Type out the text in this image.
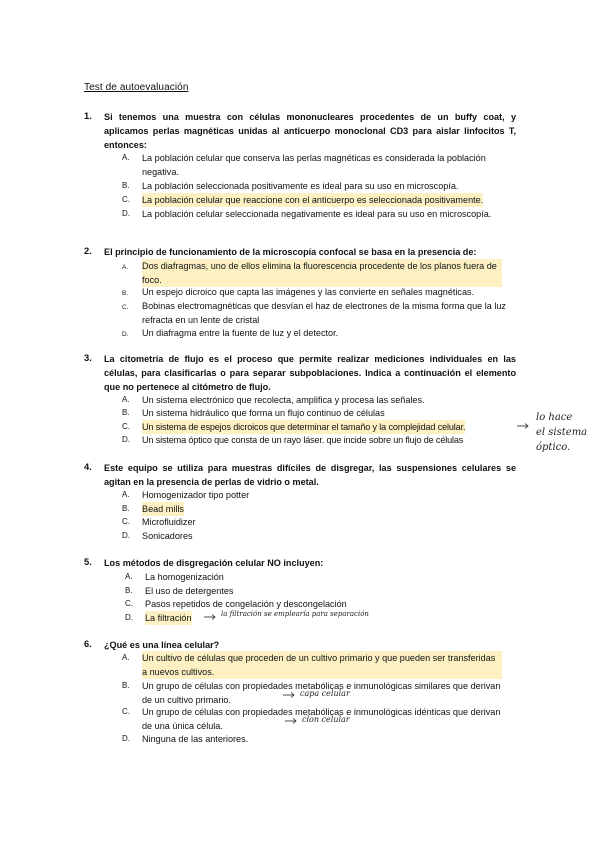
Test de autoevaluación
1. Si tenemos una muestra con células mononucleares procedentes de un buffy coat, y aplicamos perlas magnéticas unidas al anticuerpo monoclonal CD3 para aislar linfocitos T, entonces:
A. La población celular que conserva las perlas magnéticas es considerada la población negativa.
B. La población seleccionada positivamente es ideal para su uso en microscopía.
C. La población celular que reaccione con el anticuerpo es seleccionada positivamente.
D. La población celular seleccionada negativamente es ideal para su uso en microscopía.
2. El principio de funcionamiento de la microscopía confocal se basa en la presencia de:
A. Dos diafragmas, uno de ellos elimina la fluorescencia procedente de los planos fuera de foco.
B. Un espejo dicroico que capta las imágenes y las convierte en señales magnéticas.
C. Bobinas electromagnéticas que desvían el haz de electrones de la misma forma que la luz refracta en un lente de cristal
D. Un diafragma entre la fuente de luz y el detector.
3. La citometría de flujo es el proceso que permite realizar mediciones individuales en las células, para clasificarlas o para separar subpoblaciones. Indica a continuación el elemento que no pertenece al citómetro de flujo.
A. Un sistema electrónico que recolecta, amplifica y procesa las señales.
B. Un sistema hidráulico que forma un flujo continuo de células
C. Un sistema de espejos dicroicos que determinar el tamaño y la complejidad celular.
D. Un sistema óptico que consta de un rayo láser. que incide sobre un flujo de células
lo hace
el sistema
óptico.
4. Este equipo se utiliza para muestras difíciles de disgregar, las suspensiones celulares se agitan en la presencia de perlas de vidrio o metal.
A. Homogenizador tipo potter
B. Bead mills
C. Microfluidizer
D. Sonicadores
5. Los métodos de disgregación celular NO incluyen:
A. La homogenización
B. El uso de detergentes
C. Pasos repetidos de congelación y descongelación
D. La filtración	la filtración se emplearía para separación
6. ¿Qué es una línea celular?
A. Un cultivo de células que proceden de un cultivo primario y que pueden ser transferidas a nuevos cultivos.
B. Un grupo de células con propiedades metabólicas e inmunológicas similares que derivan de un cultivo primario.
capa celular
C. Un grupo de células con propiedades metabólicas e inmunológicas idénticas que derivan de una única célula.
clon celular
D. Ninguna de las anteriores.
